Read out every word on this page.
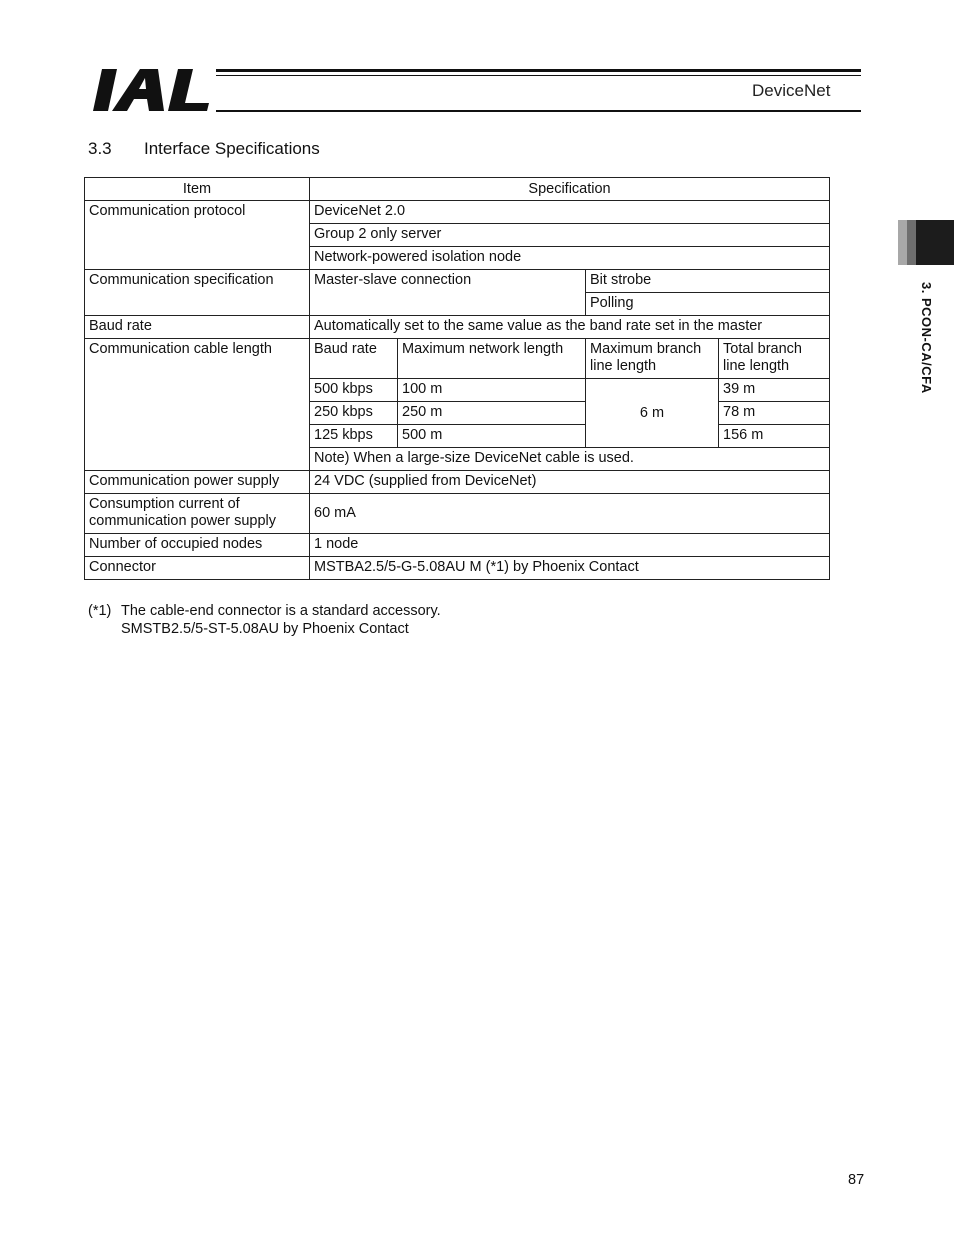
DeviceNet
3.3 Interface Specifications
Item	Specification			
Communication protocol	DeviceNet 2.0			
	Group 2 only server			
	Network-powered isolation node			
Communication specification	Master-slave connection		Bit strobe	
			Polling	
Baud rate	Automatically set to the same value as the band rate set in the master			
Communication cable length	Baud rate	Maximum network length	Maximum branch line length	Total branch line length
	500 kbps	100 m	6 m	39 m
	250 kbps	250 m		78 m
	125 kbps	500 m		156 m
	Note) When a large-size DeviceNet cable is used.			
Communication power supply	24 VDC (supplied from DeviceNet)			
Consumption current of communication power supply	60 mA			
Number of occupied nodes	1 node			
Connector	MSTBA2.5/5-G-5.08AU M (*1) by Phoenix Contact			
(*1) The cable-end connector is a standard accessory.
SMSTB2.5/5-ST-5.08AU by Phoenix Contact
3. PCON-CA/CFA
87
